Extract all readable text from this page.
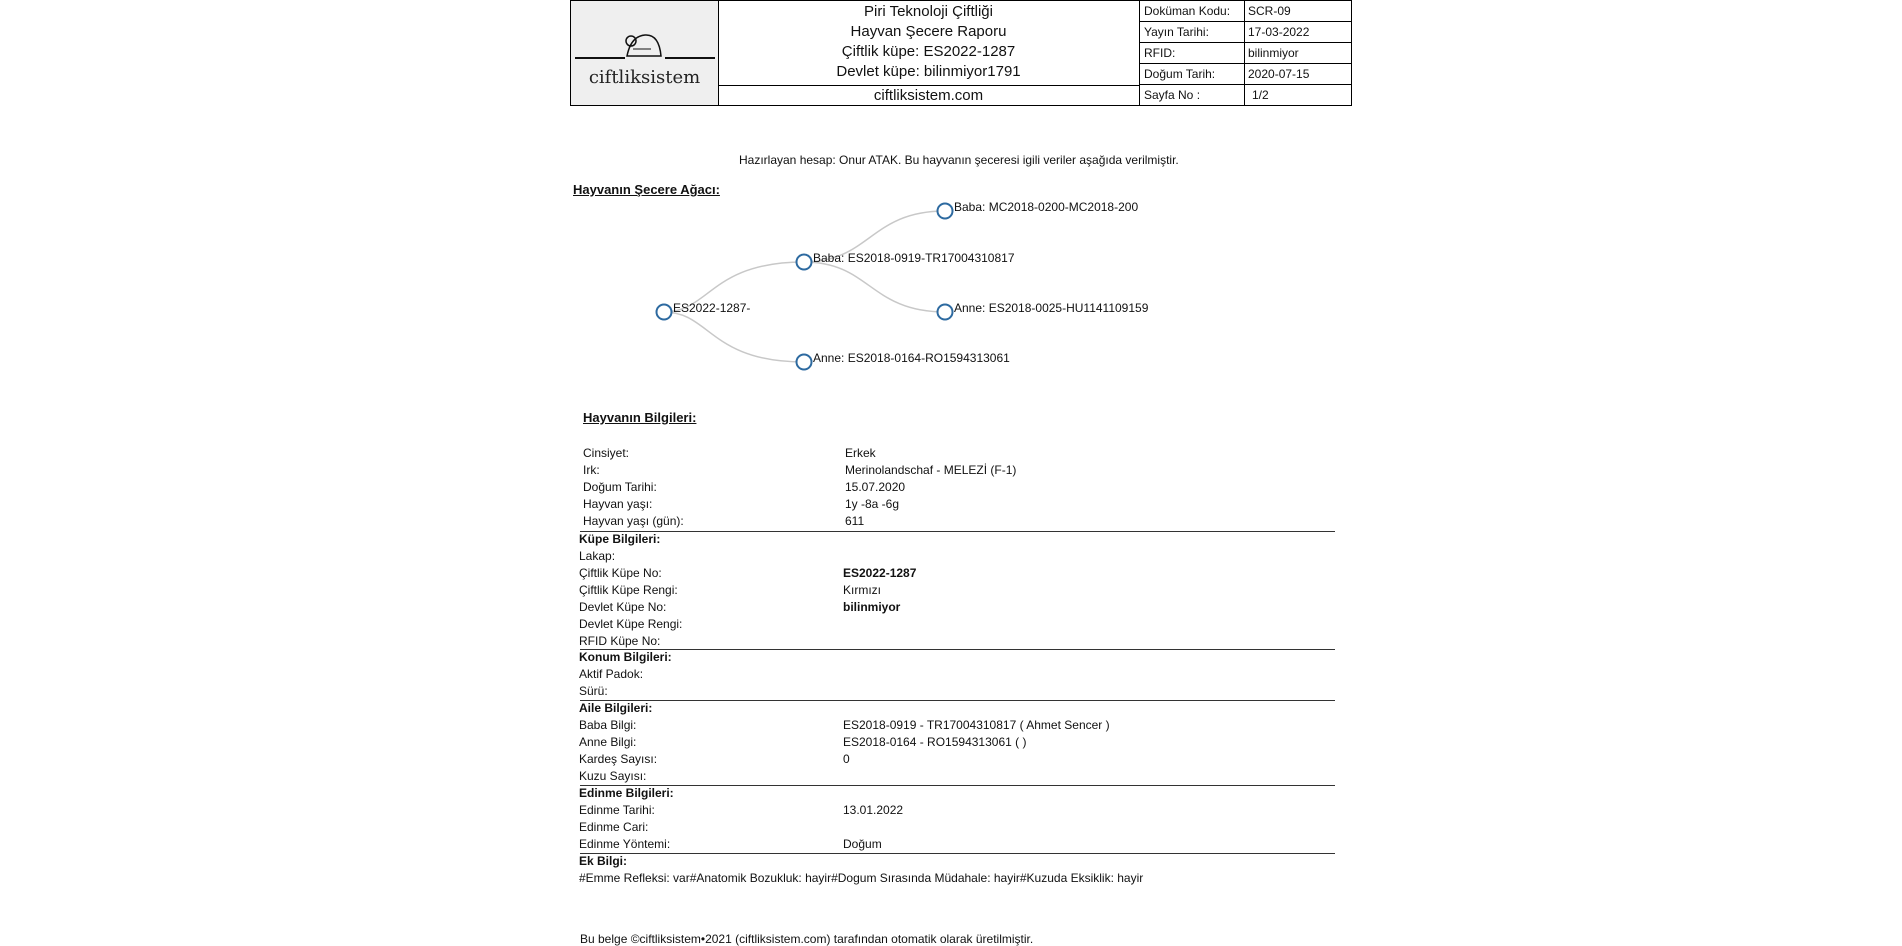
ciftliksistem
Piri Teknoloji Çiftliği
Hayvan Şecere Raporu
Çiftlik küpe: ES2022-1287
Devlet küpe: bilinmiyor1791
ciftliksistem.com
Doküman Kodu: SCR-09
Yayın Tarihi:	17-03-2022
RFID:	bilinmiyor
Doğum Tarih:	2020-07-15
Sayfa No :	1/2
Hazırlayan hesap: Onur ATAK. Bu hayvanın şeceresi igili veriler aşağıda verilmiştir.
Hayvanın Şecere Ağacı:
ES2022-1287-
Baba: ES2018-0919-TR17004310817
Anne: ES2018-0164-RO1594313061
Baba: MC2018-0200-MC2018-200
Anne: ES2018-0025-HU1141109159
Hayvanın Bilgileri:
Cinsiyet:	Erkek
Irk:	Merinolandschaf - MELEZİ (F-1)
Doğum Tarihi:	15.07.2020
Hayvan yaşı:	1y -8a -6g
Hayvan yaşı (gün):	611
Küpe Bilgileri:
Lakap:
Çiftlik Küpe No:	ES2022-1287
Çiftlik Küpe Rengi:	Kırmızı
Devlet Küpe No:	bilinmiyor
Devlet Küpe Rengi:
RFID Küpe No:
Konum Bilgileri:
Aktif Padok:
Sürü:
Aile Bilgileri:
Baba Bilgi:	ES2018-0919 - TR17004310817 ( Ahmet Sencer )
Anne Bilgi:	ES2018-0164 - RO1594313061 ( )
Kardeş Sayısı:	0
Kuzu Sayısı:
Edinme Bilgileri:
Edinme Tarihi:	13.01.2022
Edinme Cari:
Edinme Yöntemi:	Doğum
Ek Bilgi:
#Emme Refleksi: var#Anatomik Bozukluk: hayir#Dogum Sırasında Müdahale: hayir#Kuzuda Eksiklik: hayir
Bu belge ©ciftliksistem•2021 (ciftliksistem.com) tarafından otomatik olarak üretilmiştir.
